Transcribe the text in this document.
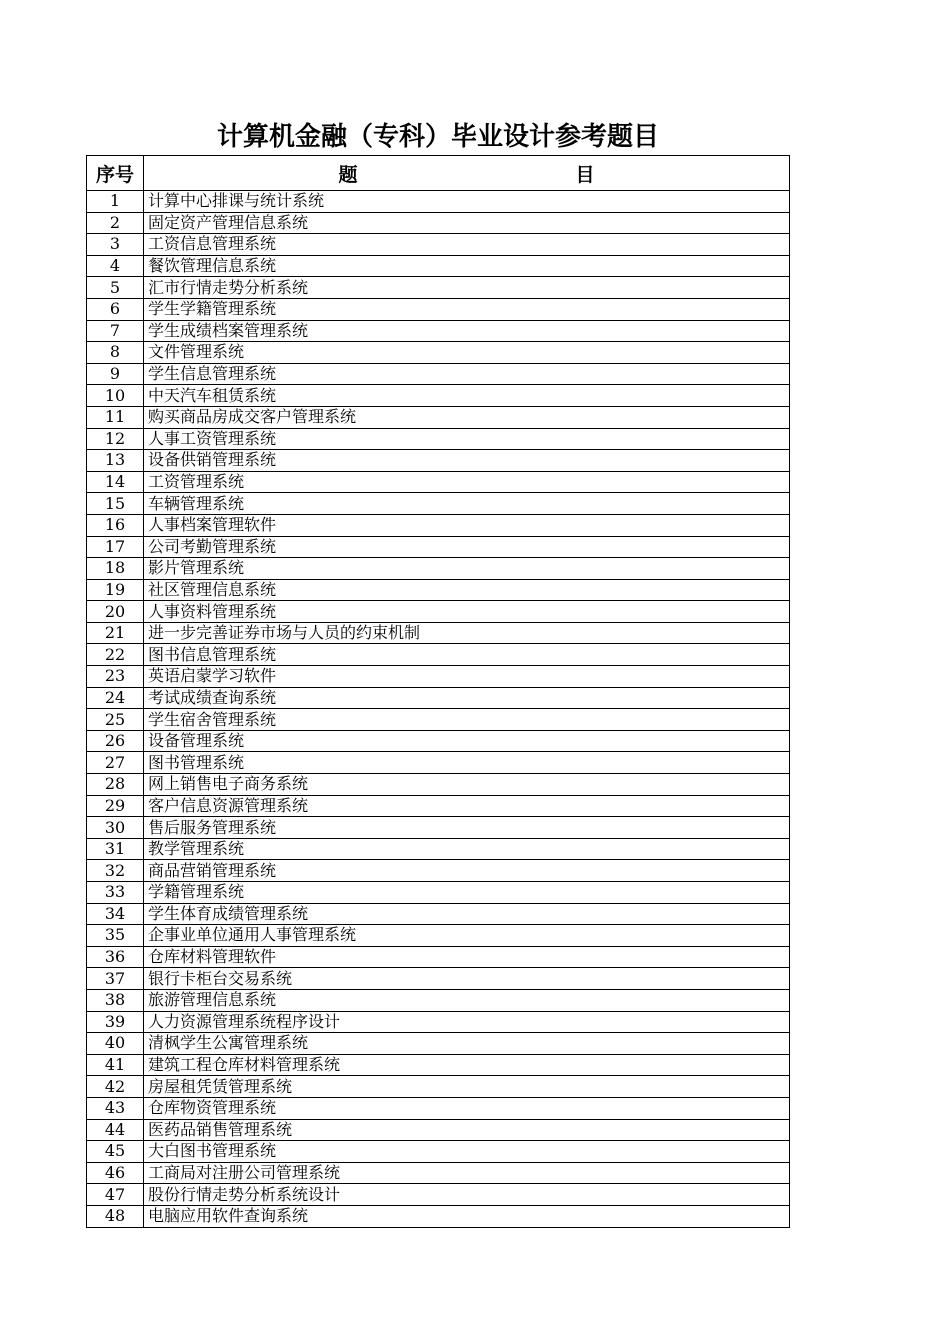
计算机金融（专科）毕业设计参考题目
序号	题　　目
1	计算中心排课与统计系统
2	固定资产管理信息系统
3	工资信息管理系统
4	餐饮管理信息系统
5	汇市行情走势分析系统
6	学生学籍管理系统
7	学生成绩档案管理系统
8	文件管理系统
9	学生信息管理系统
10	中天汽车租赁系统
11	购买商品房成交客户管理系统
12	人事工资管理系统
13	设备供销管理系统
14	工资管理系统
15	车辆管理系统
16	人事档案管理软件
17	公司考勤管理系统
18	影片管理系统
19	社区管理信息系统
20	人事资料管理系统
21	进一步完善证券市场与人员的约束机制
22	图书信息管理系统
23	英语启蒙学习软件
24	考试成绩查询系统
25	学生宿舍管理系统
26	设备管理系统
27	图书管理系统
28	网上销售电子商务系统
29	客户信息资源管理系统
30	售后服务管理系统
31	教学管理系统
32	商品营销管理系统
33	学籍管理系统
34	学生体育成绩管理系统
35	企事业单位通用人事管理系统
36	仓库材料管理软件
37	银行卡柜台交易系统
38	旅游管理信息系统
39	人力资源管理系统程序设计
40	清枫学生公寓管理系统
41	建筑工程仓库材料管理系统
42	房屋租凭赁管理系统
43	仓库物资管理系统
44	医药品销售管理系统
45	大白图书管理系统
46	工商局对注册公司管理系统
47	股份行情走势分析系统设计
48	电脑应用软件查询系统
